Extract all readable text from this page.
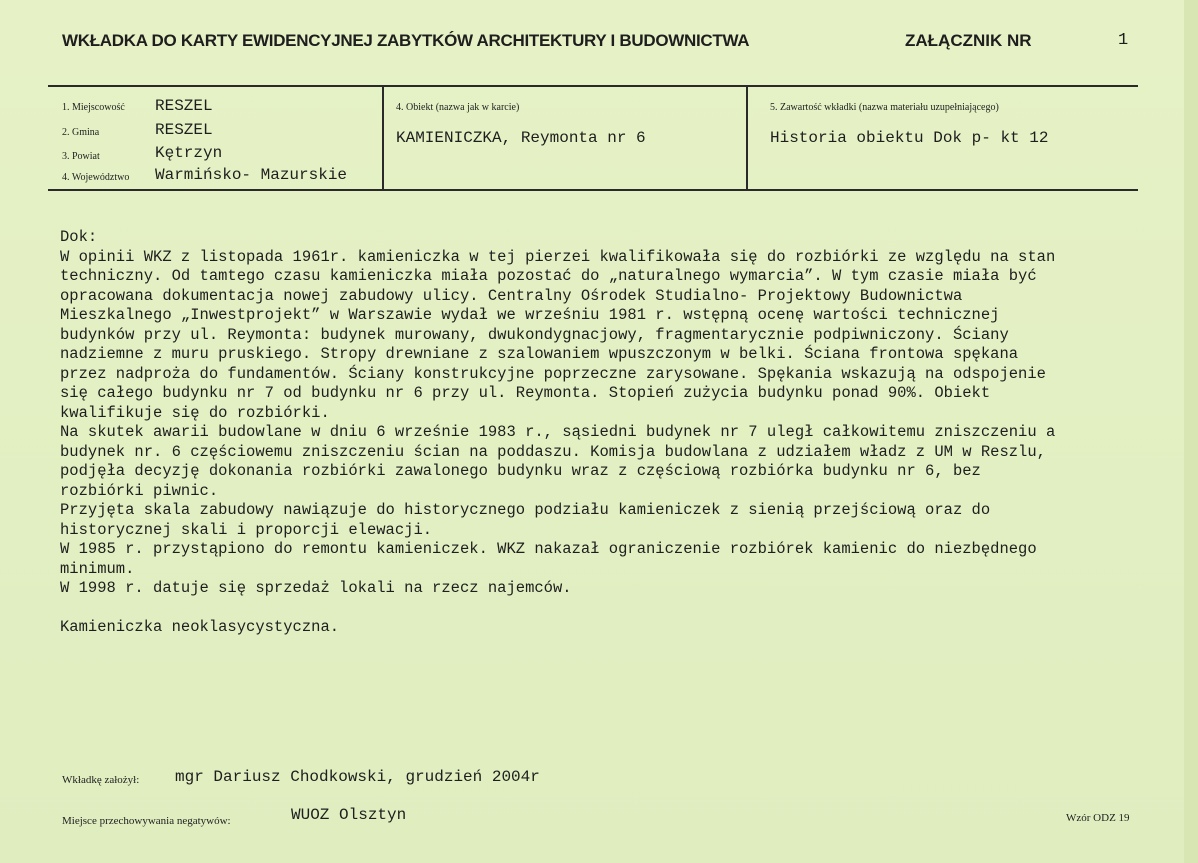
WKŁADKA DO KARTY EWIDENCYJNEJ ZABYTKÓW ARCHITEKTURY I BUDOWNICTWA	ZAŁĄCZNIK NR	1
1. Miejscowość RESZEL
2. Gmina	RESZEL
3. Powiat	Kętrzyn
4. Województwo Warmińsko- Mazurskie
4. Obiekt (nazwa jak w karcie)
KAMIENICZKA, Reymonta nr 6
5. Zawartość wkładki (nazwa materiału uzupełniającego)
Historia obiektu Dok p- kt 12
Dok:
W opinii WKZ z listopada 1961r. kamieniczka w tej pierzei kwalifikowała się do rozbiórki ze względu na stan
techniczny. Od tamtego czasu kamieniczka miała pozostać do „naturalnego wymarcia”. W tym czasie miała być
opracowana dokumentacja nowej zabudowy ulicy. Centralny Ośrodek Studialno- Projektowy Budownictwa
Mieszkalnego „Inwestprojekt” w Warszawie wydał we wrześniu 1981 r. wstępną ocenę wartości technicznej
budynków przy ul. Reymonta: budynek murowany, dwukondygnacjowy, fragmentarycznie podpiwniczony. Ściany
nadziemne z muru pruskiego. Stropy drewniane z szalowaniem wpuszczonym w belki. Ściana frontowa spękana
przez nadproża do fundamentów. Ściany konstrukcyjne poprzeczne zarysowane. Spękania wskazują na odspojenie
się całego budynku nr 7 od budynku nr 6 przy ul. Reymonta. Stopień zużycia budynku ponad 90%. Obiekt
kwalifikuje się do rozbiórki.
Na skutek awarii budowlane w dniu 6 wrześnie 1983 r., sąsiedni budynek nr 7 uległ całkowitemu zniszczeniu a
budynek nr. 6 częściowemu zniszczeniu ścian na poddaszu. Komisja budowlana z udziałem władz z UM w Reszlu,
podjęła decyzję dokonania rozbiórki zawalonego budynku wraz z częściową rozbiórka budynku nr 6, bez
rozbiórki piwnic.
Przyjęta skala zabudowy nawiązuje do historycznego podziału kamieniczek z sienią przejściową oraz do
historycznej skali i proporcji elewacji.
W 1985 r. przystąpiono do remontu kamieniczek. WKZ nakazał ograniczenie rozbiórek kamienic do niezbędnego
minimum.
W 1998 r. datuje się sprzedaż lokali na rzecz najemców.

Kamieniczka neoklasycystyczna.
Wkładkę założył: mgr Dariusz Chodkowski, grudzień 2004r
Miejsce przechowywania negatywów:	WUOZ Olsztyn	Wzór ODZ 19
